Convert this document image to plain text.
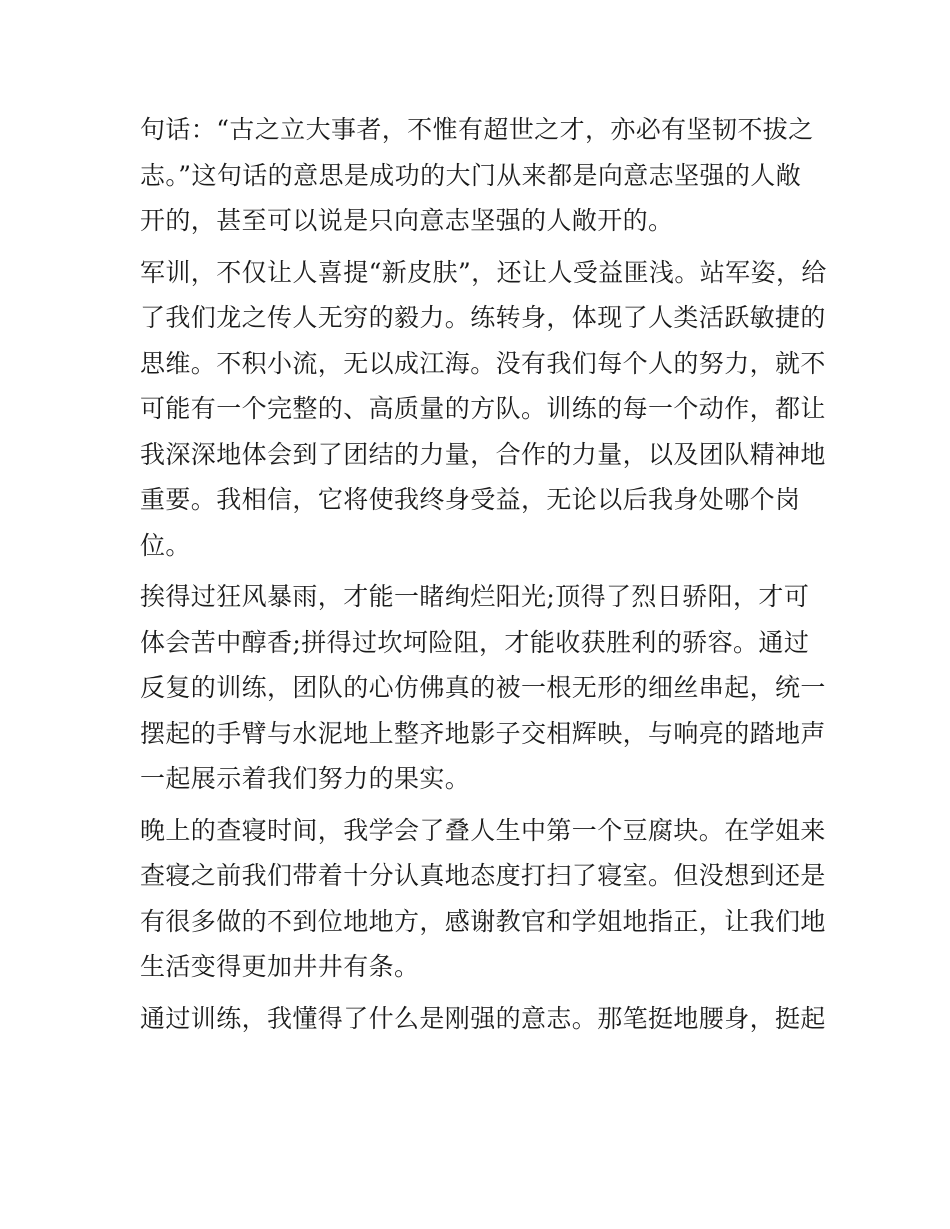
句话：“古之立大事者，不惟有超世之才，亦必有坚韧不拔之
志。”这句话的意思是成功的大门从来都是向意志坚强的人敞
开的，甚至可以说是只向意志坚强的人敞开的。
军训，不仅让人喜提“新皮肤”，还让人受益匪浅。站军姿，给
了我们龙之传人无穷的毅力。练转身，体现了人类活跃敏捷的
思维。不积小流，无以成江海。没有我们每个人的努力，就不
可能有一个完整的、高质量的方队。训练的每一个动作，都让
我深深地体会到了团结的力量，合作的力量，以及团队精神地
重要。我相信，它将使我终身受益，无论以后我身处哪个岗
位。
挨得过狂风暴雨，才能一睹绚烂阳光;顶得了烈日骄阳，才可
体会苦中醇香;拼得过坎坷险阻，才能收获胜利的骄容。通过
反复的训练，团队的心仿佛真的被一根无形的细丝串起，统一
摆起的手臂与水泥地上整齐地影子交相辉映，与响亮的踏地声
一起展示着我们努力的果实。
晚上的查寝时间，我学会了叠人生中第一个豆腐块。在学姐来
查寝之前我们带着十分认真地态度打扫了寝室。但没想到还是
有很多做的不到位地地方，感谢教官和学姐地指正，让我们地
生活变得更加井井有条。
通过训练，我懂得了什么是刚强的意志。那笔挺地腰身，挺起
